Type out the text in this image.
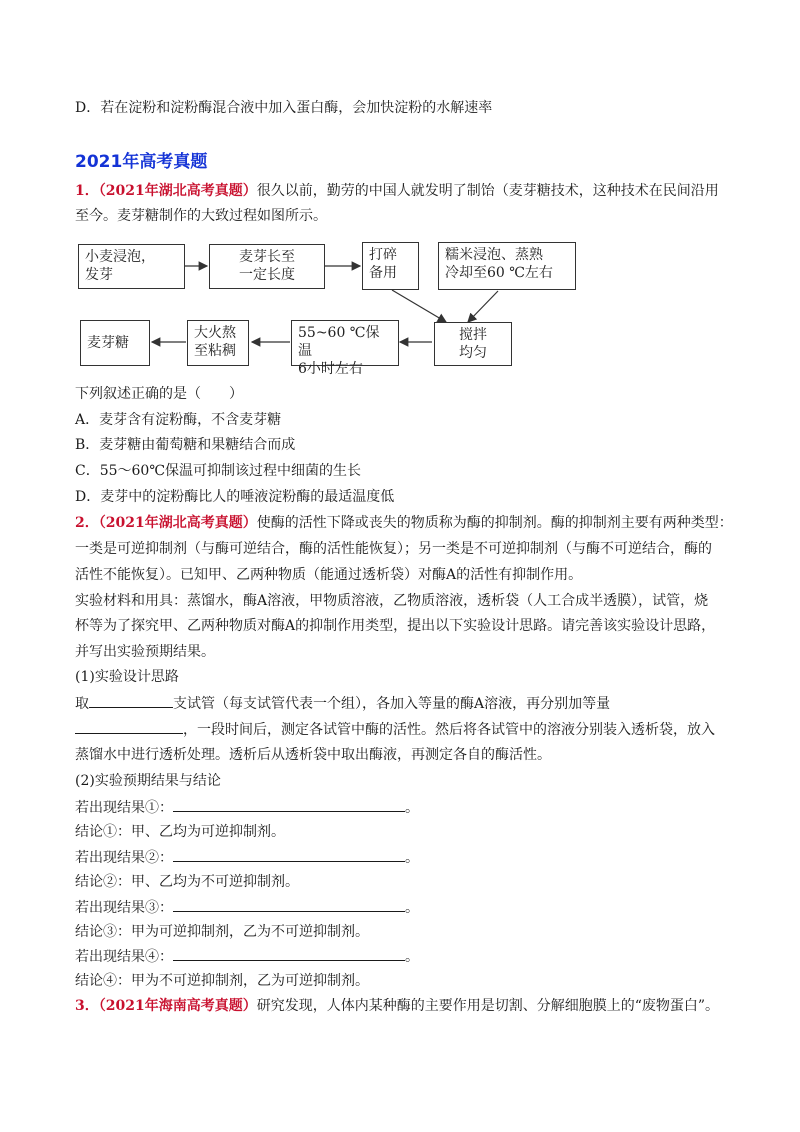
D．若在淀粉和淀粉酶混合液中加入蛋白酶，会加快淀粉的水解速率
2021年高考真题
1．（2021年湖北高考真题）很久以前，勤劳的中国人就发明了制饴（麦芽糖技术，这种技术在民间沿用
至今。麦芽糖制作的大致过程如图所示。
小麦浸泡，
发芽
麦芽长至
一定长度
打碎
备用
糯米浸泡、蒸熟
冷却至60 ℃左右
搅拌
均匀
55~60 ℃保温
6小时左右
大火熬
至粘稠
麦芽糖
下列叙述正确的是（　　）
A．麦芽含有淀粉酶，不含麦芽糖
B．麦芽糖由葡萄糖和果糖结合而成
C．55～60℃保温可抑制该过程中细菌的生长
D．麦芽中的淀粉酶比人的唾液淀粉酶的最适温度低
2．（2021年湖北高考真题）使酶的活性下降或丧失的物质称为酶的抑制剂。酶的抑制剂主要有两种类型：
一类是可逆抑制剂（与酶可逆结合，酶的活性能恢复）；另一类是不可逆抑制剂（与酶不可逆结合，酶的
活性不能恢复）。已知甲、乙两种物质（能通过透析袋）对酶A的活性有抑制作用。
实验材料和用具：蒸馏水，酶A溶液，甲物质溶液，乙物质溶液，透析袋（人工合成半透膜），试管，烧
杯等为了探究甲、乙两种物质对酶A的抑制作用类型，提出以下实验设计思路。请完善该实验设计思路，
并写出实验预期结果。
(1)实验设计思路
取	支试管（每支试管代表一个组），各加入等量的酶A溶液，再分别加等量
，一段时间后，测定各试管中酶的活性。然后将各试管中的溶液分别装入透析袋，放入
蒸馏水中进行透析处理。透析后从透析袋中取出酶液，再测定各自的酶活性。
(2)实验预期结果与结论
若出现结果①：	。
结论①：甲、乙均为可逆抑制剂。
若出现结果②：	。
结论②：甲、乙均为不可逆抑制剂。
若出现结果③：	。
结论③：甲为可逆抑制剂，乙为不可逆抑制剂。
若出现结果④：	。
结论④：甲为不可逆抑制剂，乙为可逆抑制剂。
3．（2021年海南高考真题）研究发现，人体内某种酶的主要作用是切割、分解细胞膜上的“废物蛋白”。
